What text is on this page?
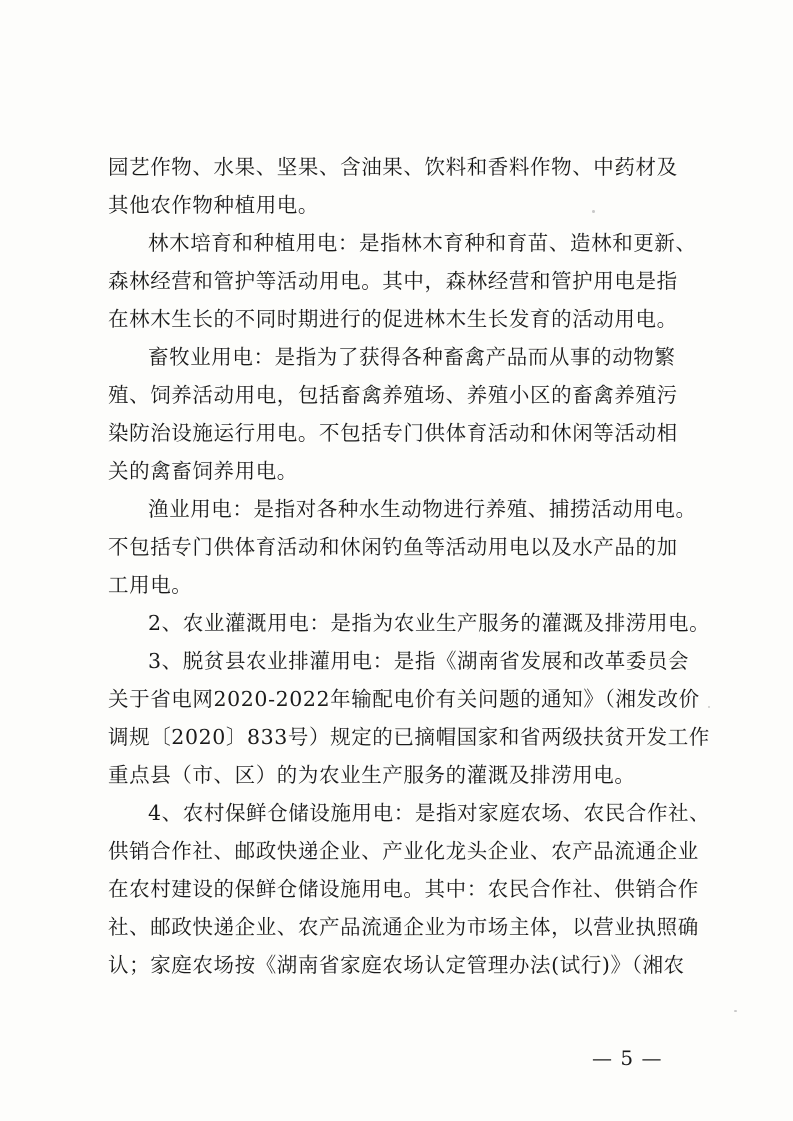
园艺作物、水果、坚果、含油果、饮料和香料作物、中药材及
其他农作物种植用电。
林木培育和种植用电：是指林木育种和育苗、造林和更新、
森林经营和管护等活动用电。其中，森林经营和管护用电是指
在林木生长的不同时期进行的促进林木生长发育的活动用电。
畜牧业用电：是指为了获得各种畜禽产品而从事的动物繁
殖、饲养活动用电，包括畜禽养殖场、养殖小区的畜禽养殖污
染防治设施运行用电。不包括专门供体育活动和休闲等活动相
关的禽畜饲养用电。
渔业用电：是指对各种水生动物进行养殖、捕捞活动用电。
不包括专门供体育活动和休闲钓鱼等活动用电以及水产品的加
工用电。
2、农业灌溉用电：是指为农业生产服务的灌溉及排涝用电。
3、脱贫县农业排灌用电：是指《湖南省发展和改革委员会
关于省电网2020-2022年输配电价有关问题的通知》（湘发改价
调规〔2020〕833号）规定的已摘帽国家和省两级扶贫开发工作
重点县（市、区）的为农业生产服务的灌溉及排涝用电。
4、农村保鲜仓储设施用电：是指对家庭农场、农民合作社、
供销合作社、邮政快递企业、产业化龙头企业、农产品流通企业
在农村建设的保鲜仓储设施用电。其中：农民合作社、供销合作
社、邮政快递企业、农产品流通企业为市场主体，以营业执照确
认；家庭农场按《湖南省家庭农场认定管理办法(试行)》（湘农
— 5 —
